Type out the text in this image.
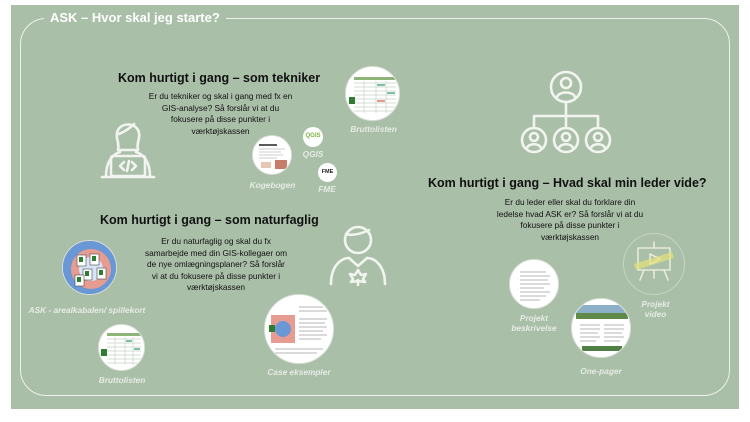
ASK – Hvor skal jeg starte?
Kom hurtigt i gang – som tekniker
Er du tekniker og skal i gang med fx en
GIS-analyse? Så forslår vi at du
fokusere på disse punkter i
værktøjskassen	Bruttolisten
Kogebogen
QGIS
QGIS
FME
FME
Kom hurtigt i gang – som naturfaglig
Er du naturfaglig og skal du fx
samarbejde med din GIS-kollegaer om
de nye omlægningsplaner? Så forslår
vi at du fokusere på disse punkter i
værktøjskassen
ASK - arealkabalen/ spillekort
Bruttolisten
Case eksempler
Kom hurtigt i gang – Hvad skal min leder vide?
Er du leder eller skal du forklare din
ledelse hvad ASK er? Så forslår vi at du
fokusere på disse punkter i
værktøjskassen
Projekt
video
Projekt
beskrivelse
One-pager
